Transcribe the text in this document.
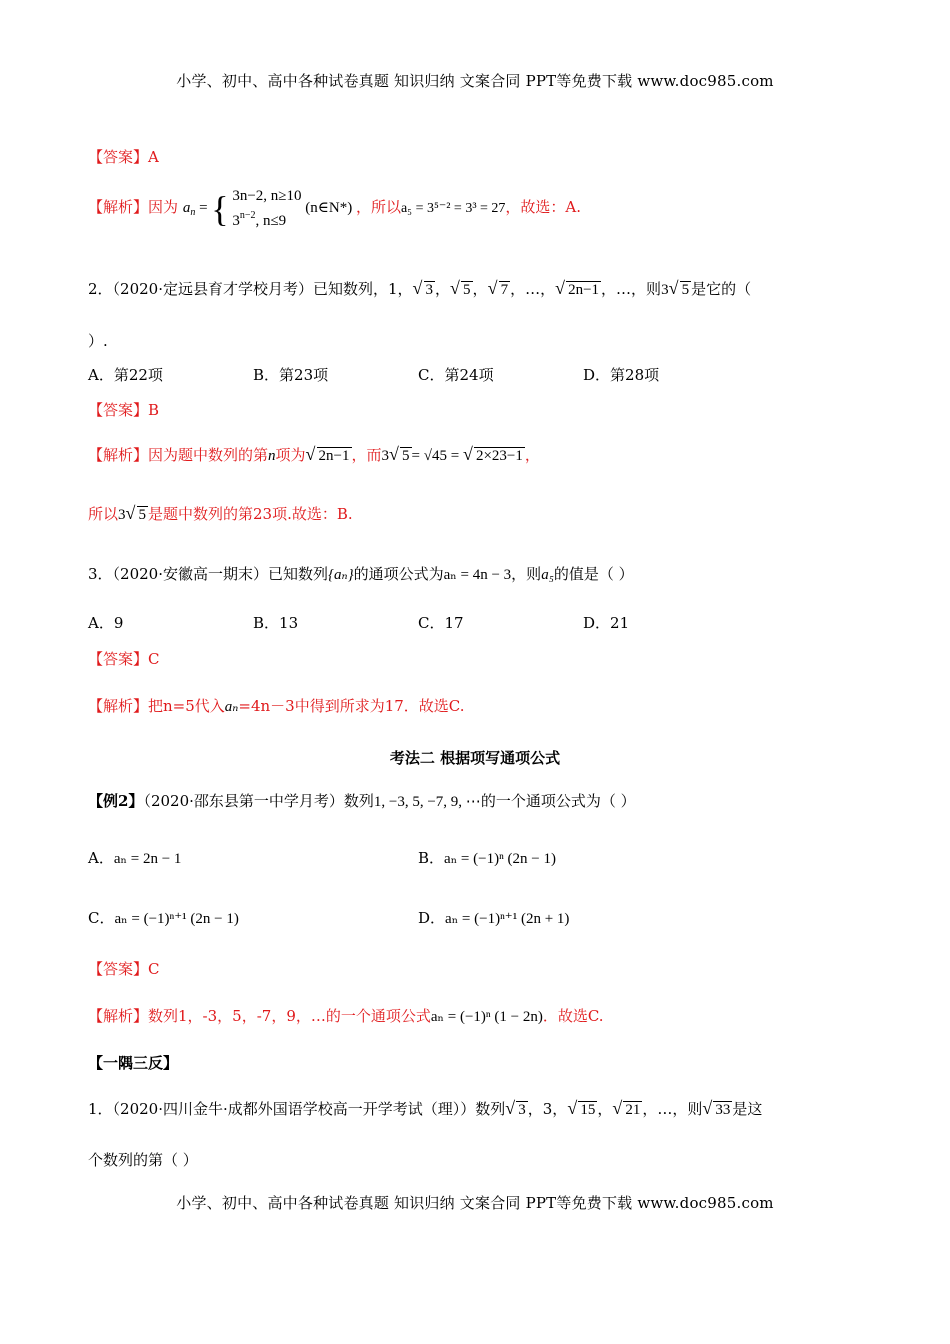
小学、初中、高中各种试卷真题 知识归纳 文案合同 PPT等免费下载 www.doc985.com
【答案】A
【解析】因为 $a_n$ = { 3n−2, n≥10
$3^{n-2}$, n≤9 (n∈N*) ，所以a₅ = 3⁵⁻² = 3³ = 27，故选：A.
2．（2020·定远县育才学校月考）已知数列，1， √ 3 ， √ 5 ， √ 7 ，…， √ 2n−1 ，…，则3 √ 5 是它的（
）.
A．第22项	B．第23项	C．第24项	D．第28项
【答案】B
【解析】因为题中数列的第n项为 √ 2n−1 ，而3 √ 5 = √45 = √ 2×23−1 ，
所以3 √ 5 是题中数列的第23项.故选：B.
3．（2020·安徽高一期末）已知数列{aₙ}的通项公式为aₙ = 4n − 3，则a₅的值是（ ）
A．9	B．13	C．17	D．21
【答案】C
【解析】把n=5代入aₙ=4n－3中得到所求为17．故选C.
考法二 根据项写通项公式
【例2】（2020·邵东县第一中学月考）数列1, −3, 5, −7, 9, ⋯的一个通项公式为（ ）
A．aₙ = 2n − 1	B．aₙ = (−1)ⁿ (2n − 1)
C．aₙ = (−1)ⁿ⁺¹ (2n − 1)	D．aₙ = (−1)ⁿ⁺¹ (2n + 1)
【答案】C
【解析】数列1，-3，5，-7，9，…的一个通项公式aₙ = (−1)ⁿ (1 − 2n)．故选C.
【一隅三反】
1．（2020·四川金牛·成都外国语学校高一开学考试（理））数列 √ 3 ，3， √ 15 ， √ 21 ，…，则 √ 33 是这
个数列的第（ ）
小学、初中、高中各种试卷真题 知识归纳 文案合同 PPT等免费下载 www.doc985.com
